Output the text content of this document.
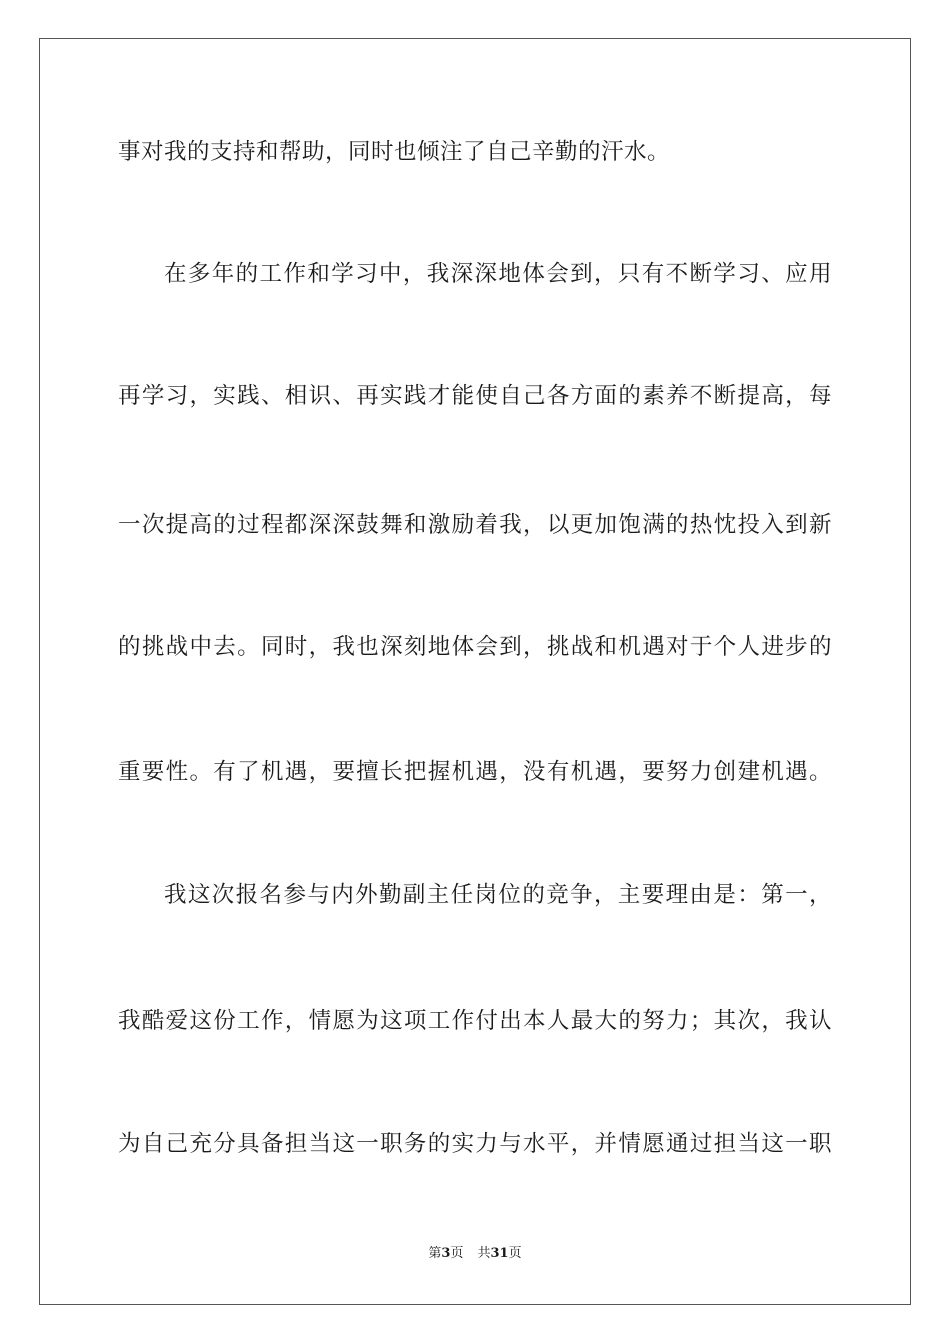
事对我的支持和帮助，同时也倾注了自己辛勤的汗水。
在多年的工作和学习中，我深深地体会到，只有不断学习、应用
再学习，实践、相识、再实践才能使自己各方面的素养不断提高，每
一次提高的过程都深深鼓舞和激励着我，以更加饱满的热忱投入到新
的挑战中去。同时，我也深刻地体会到，挑战和机遇对于个人进步的
重要性。有了机遇，要擅长把握机遇，没有机遇，要努力创建机遇。
我这次报名参与内外勤副主任岗位的竞争，主要理由是：第一，
我酷爱这份工作，情愿为这项工作付出本人最大的努力；其次，我认
为自己充分具备担当这一职务的实力与水平，并情愿通过担当这一职
第3页 共31页
